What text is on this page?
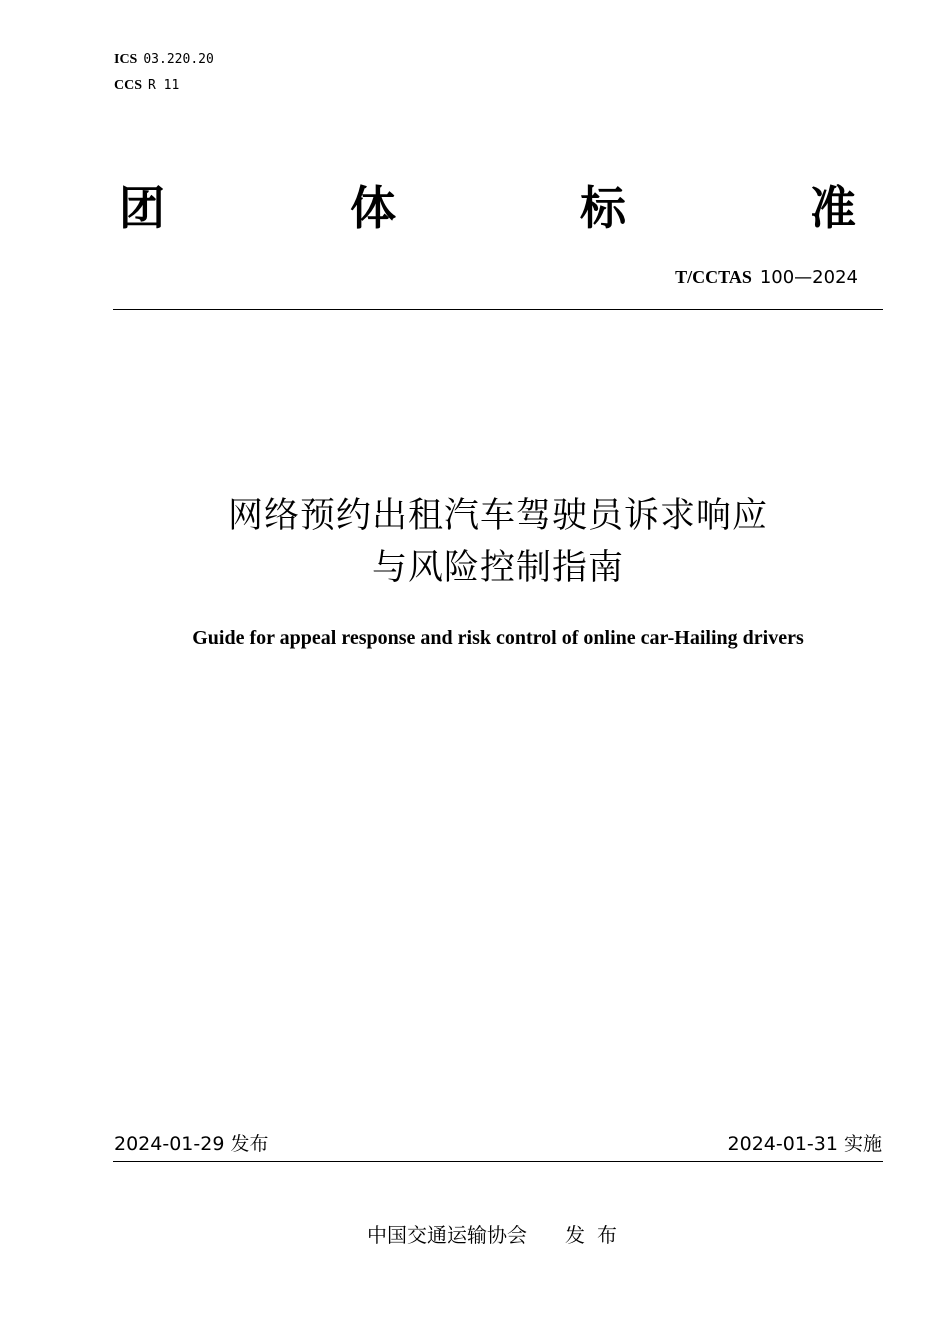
ICS 03.220.20
CCS R 11
团	体	标	准
T/CCTAS 100—2024
网络预约出租汽车驾驶员诉求响应
与风险控制指南
Guide for appeal response and risk control of online car-Hailing drivers
2024-01-29 发布	2024-01-31 实施
中国交通运输协会 发布
